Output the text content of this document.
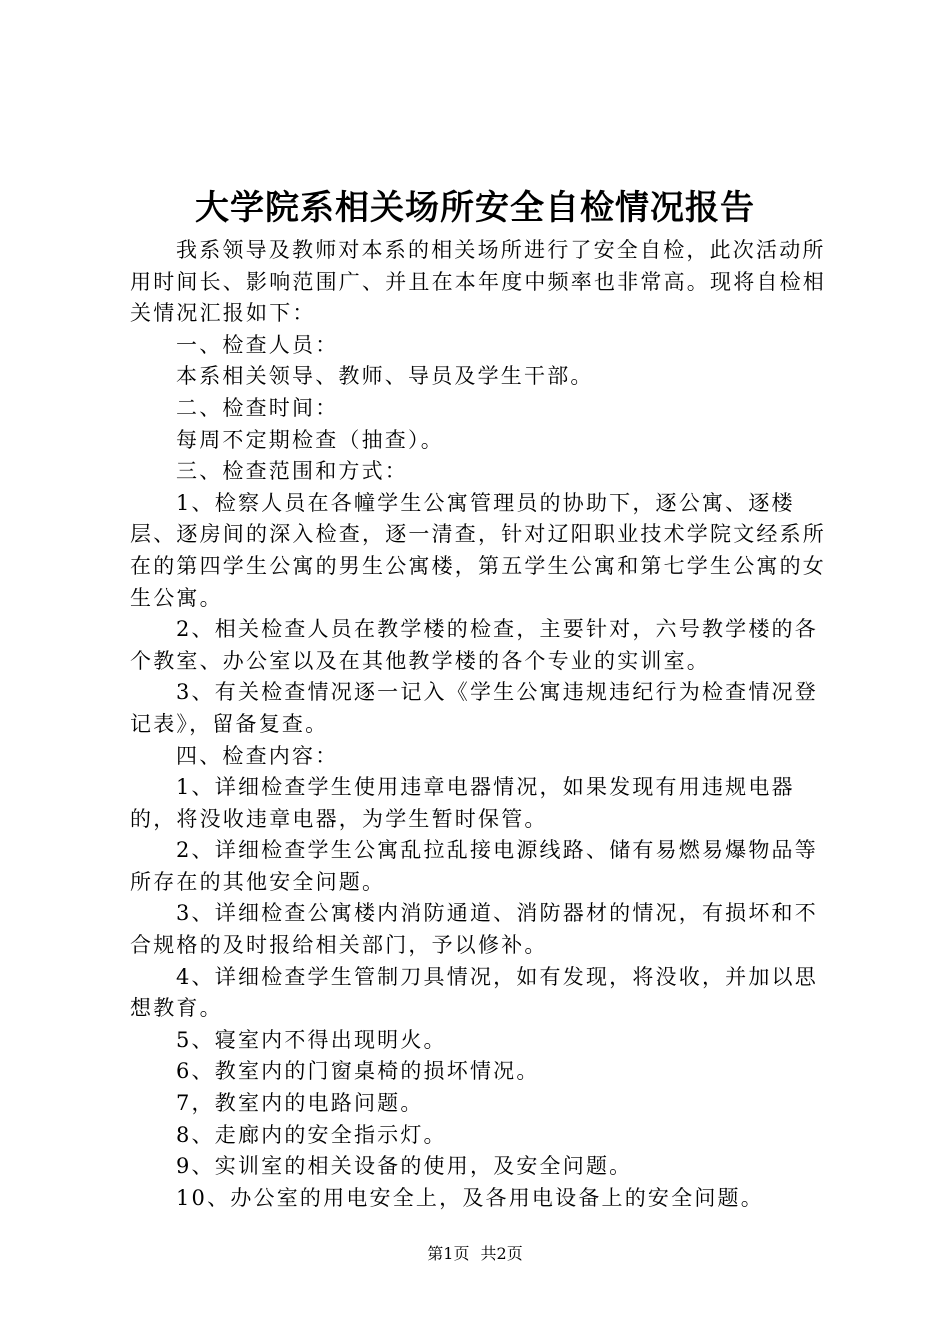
大学院系相关场所安全自检情况报告

我系领导及教师对本系的相关场所进行了安全自检，此次活动所用时间长、影响范围广、并且在本年度中频率也非常高。现将自检相关情况汇报如下：

一、检查人员：

本系相关领导、教师、导员及学生干部。

二、检查时间：

每周不定期检查（抽查）。

三、检查范围和方式：

1、检察人员在各幢学生公寓管理员的协助下，逐公寓、逐楼层、逐房间的深入检查，逐一清查，针对辽阳职业技术学院文经系所在的第四学生公寓的男生公寓楼，第五学生公寓和第七学生公寓的女生公寓。

2、相关检查人员在教学楼的检查，主要针对，六号教学楼的各个教室、办公室以及在其他教学楼的各个专业的实训室。

3、有关检查情况逐一记入《学生公寓违规违纪行为检查情况登记表》，留备复查。

四、检查内容：

1、详细检查学生使用违章电器情况，如果发现有用违规电器的，将没收违章电器，为学生暂时保管。

2、详细检查学生公寓乱拉乱接电源线路、储有易燃易爆物品等所存在的其他安全问题。

3、详细检查公寓楼内消防通道、消防器材的情况，有损坏和不合规格的及时报给相关部门，予以修补。

4、详细检查学生管制刀具情况，如有发现，将没收，并加以思想教育。

5、寝室内不得出现明火。

6、教室内的门窗桌椅的损坏情况。

7，教室内的电路问题。

8、走廊内的安全指示灯。

9、实训室的相关设备的使用，及安全问题。

10、办公室的用电安全上，及各用电设备上的安全问题。

第1页 共2页
